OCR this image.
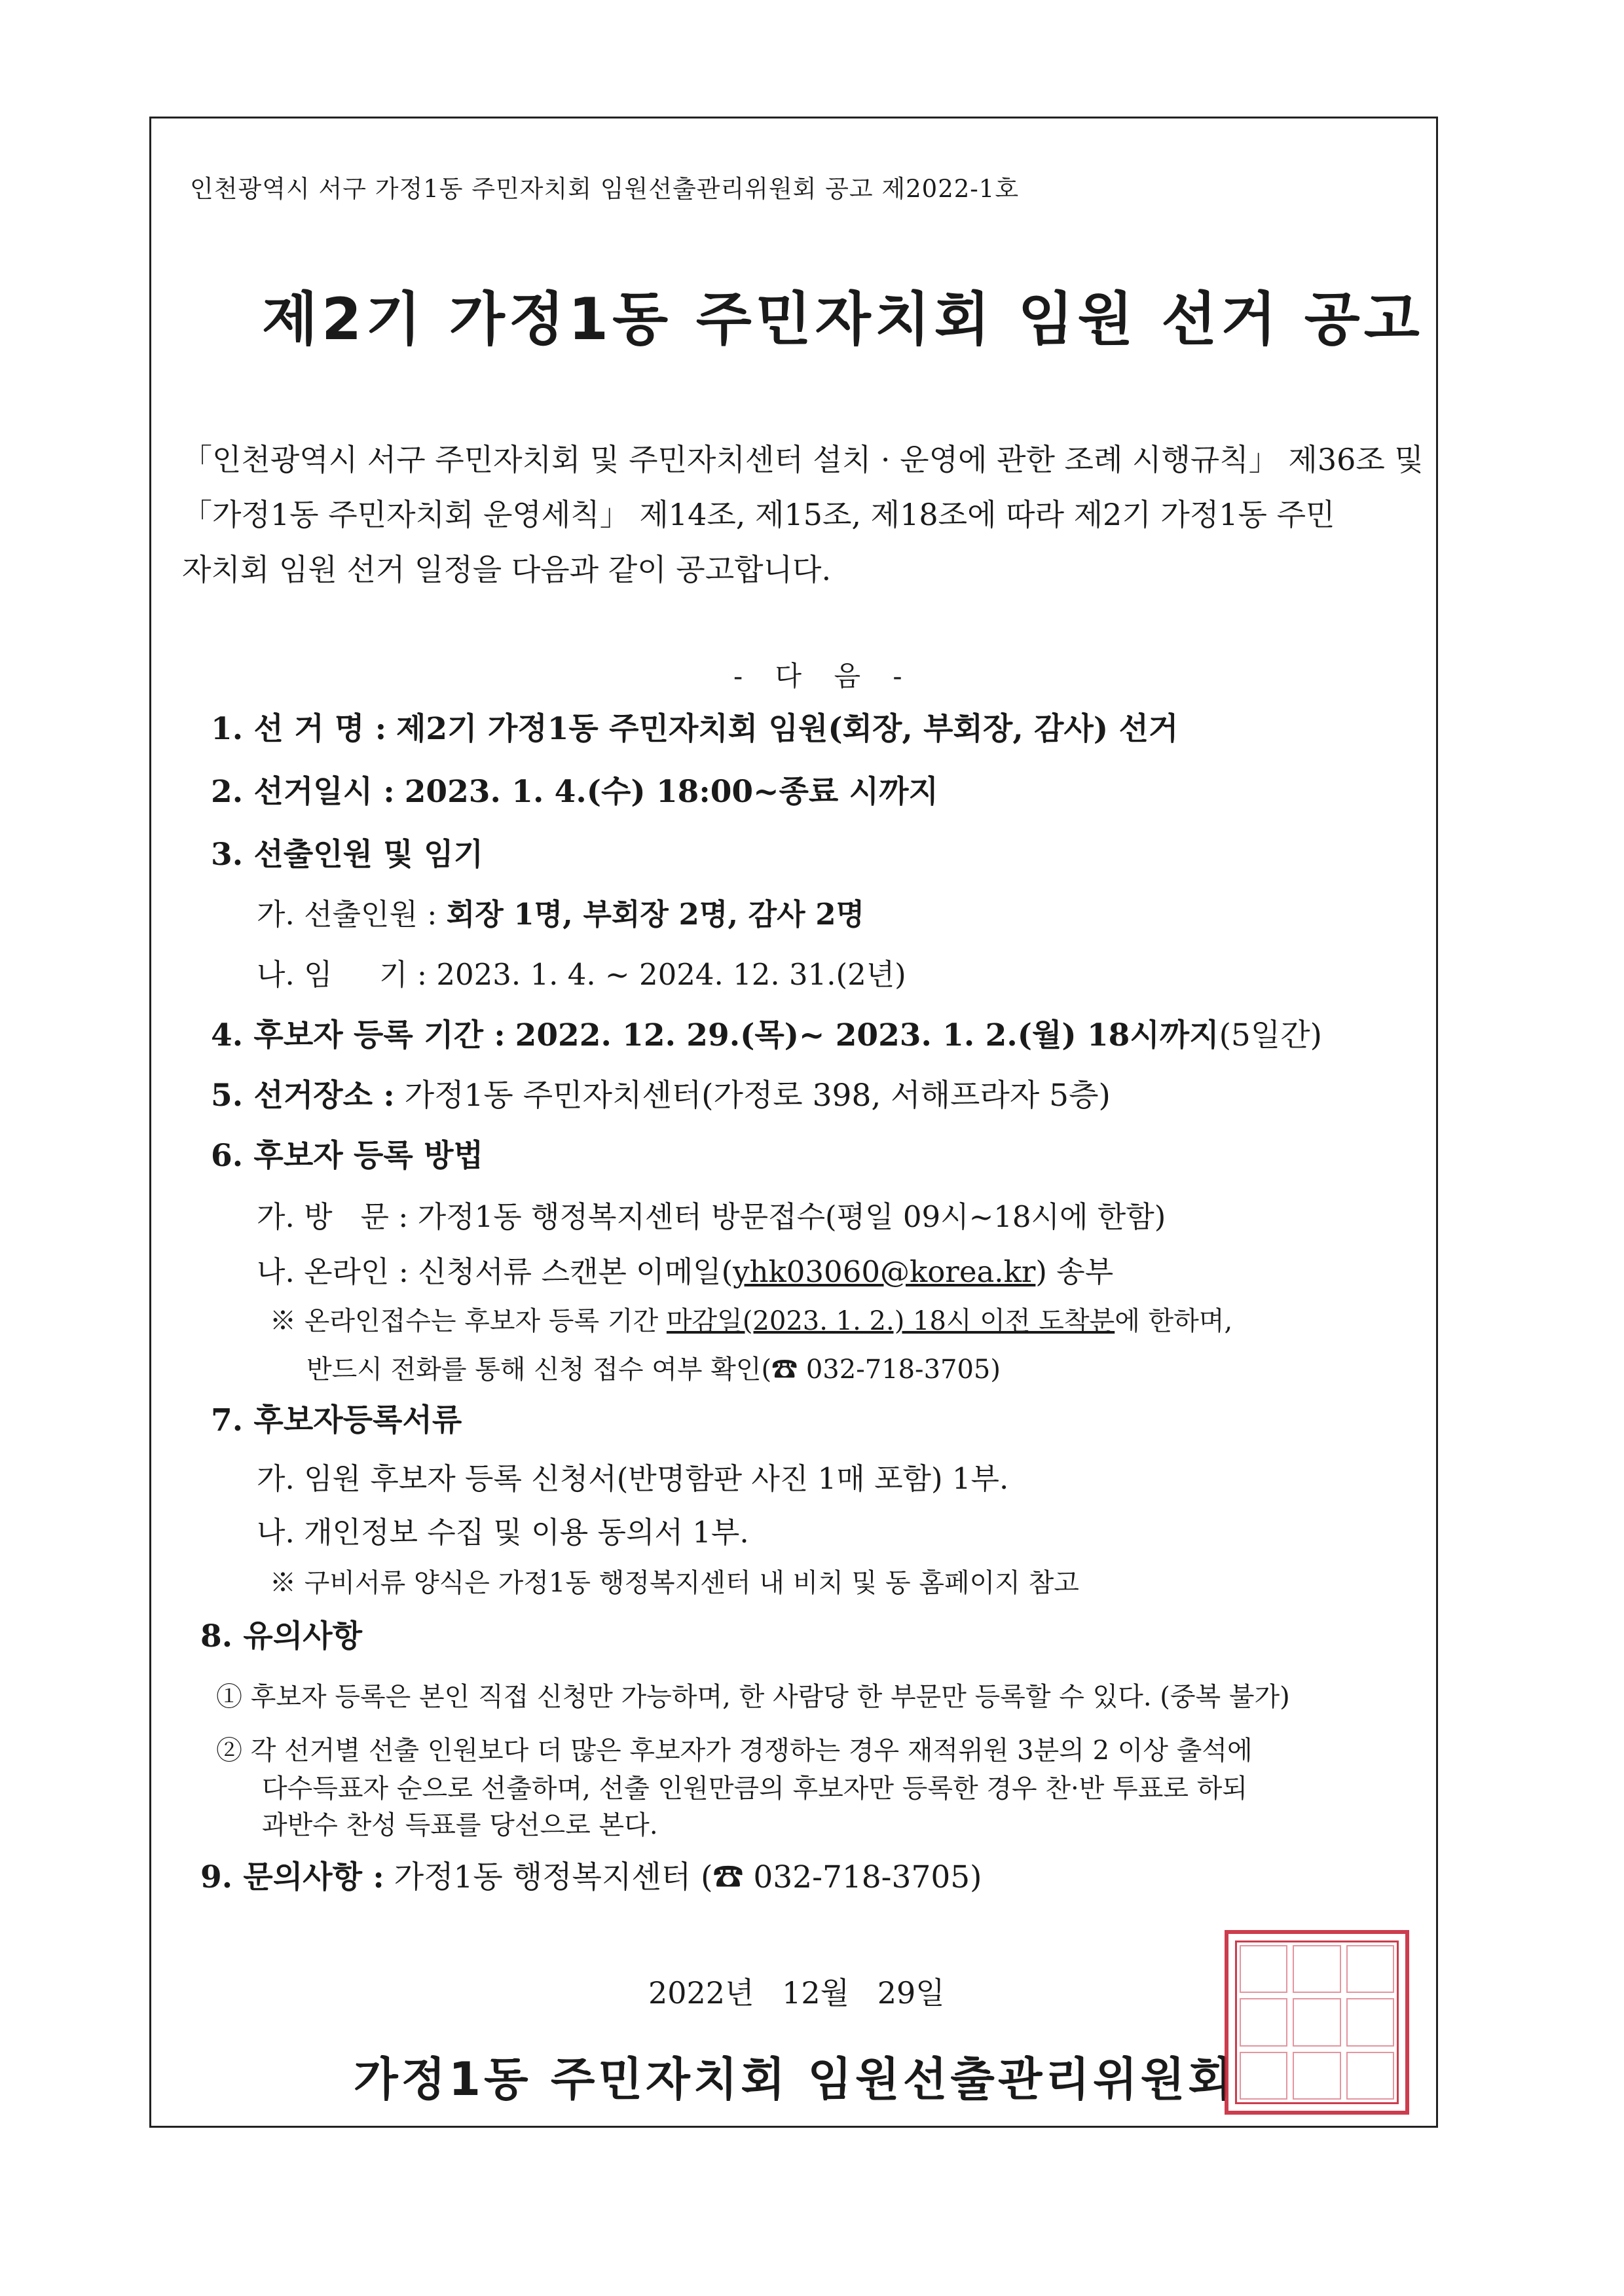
인천광역시 서구 가정1동 주민자치회 임원선출관리위원회 공고 제2022-1호
제2기 가정1동 주민자치회 임원 선거 공고

「인천광역시 서구 주민자치회 및 주민자치센터 설치 · 운영에 관한 조례 시행규칙」 제36조 및

「가정1동 주민자치회 운영세칙」 제14조, 제15조, 제18조에 따라 제2기 가정1동 주민

자치회 임원 선거 일정을 다음과 같이 공고합니다.

- 다 음 -
1. 선 거 명 : 제2기 가정1동 주민자치회 임원(회장, 부회장, 감사) 선거
2. 선거일시 : 2023. 1. 4.(수) 18:00~종료 시까지
3. 선출인원 및 임기
가. 선출인원 : 회장 1명, 부회장 2명, 감사 2명
나. 임     기 : 2023. 1. 4. ~ 2024. 12. 31.(2년)
4. 후보자 등록 기간 : 2022. 12. 29.(목)~ 2023. 1. 2.(월) 18시까지(5일간)
5. 선거장소 : 가정1동 주민자치센터(가정로 398, 서해프라자 5층)
6. 후보자 등록 방법
가. 방   문 : 가정1동 행정복지센터 방문접수(평일 09시~18시에 한함)
나. 온라인 : 신청서류 스캔본 이메일(yhk03060@korea.kr) 송부
※ 온라인접수는 후보자 등록 기간 마감일(2023. 1. 2.) 18시 이전 도착분에 한하며,
반드시 전화를 통해 신청 접수 여부 확인(☎ 032-718-3705)
7. 후보자등록서류
가. 임원 후보자 등록 신청서(반명함판 사진 1매 포함) 1부.
나. 개인정보 수집 및 이용 동의서 1부.
※ 구비서류 양식은 가정1동 행정복지센터 내 비치 및 동 홈페이지 참고
8. 유의사항
① 후보자 등록은 본인 직접 신청만 가능하며, 한 사람당 한 부문만 등록할 수 있다. (중복 불가)
② 각 선거별 선출 인원보다 더 많은 후보자가 경쟁하는 경우 재적위원 3분의 2 이상 출석에
다수득표자 순으로 선출하며, 선출 인원만큼의 후보자만 등록한 경우 찬·반 투표로 하되
과반수 찬성 득표를 당선으로 본다.
9. 문의사항 : 가정1동 행정복지센터 (☎ 032-718-3705)
2022년 12월 29일
가정1동 주민자치회 임원선출관리위원회
